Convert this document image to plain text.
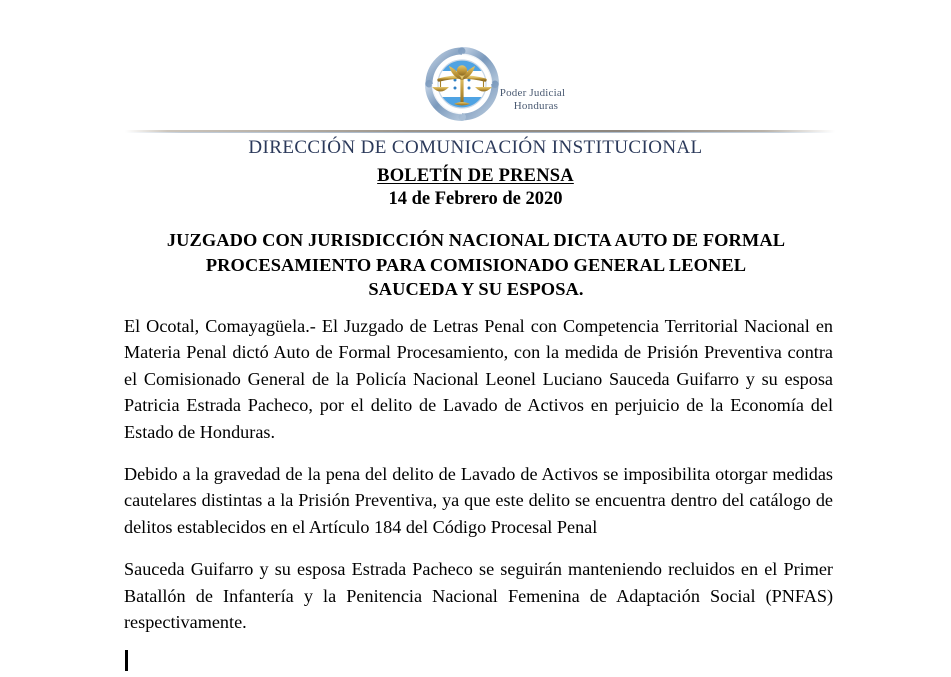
Poder Judicial
Honduras
DIRECCIÓN DE COMUNICACIÓN INSTITUCIONAL
BOLETÍN DE PRENSA
14 de Febrero de 2020
JUZGADO CON JURISDICCIÓN NACIONAL DICTA AUTO DE FORMAL
PROCESAMIENTO PARA COMISIONADO GENERAL LEONEL
SAUCEDA Y SU ESPOSA.

El Ocotal, Comayagüela.- El Juzgado de Letras Penal con Competencia Territorial Nacional en Materia Penal dictó Auto de Formal Procesamiento, con la medida de Prisión Preventiva contra el Comisionado General de la Policía Nacional Leonel Luciano Sauceda Guifarro y su esposa Patricia Estrada Pacheco, por el delito de Lavado de Activos en perjuicio de la Economía del Estado de Honduras.

Debido a la gravedad de la pena del delito de Lavado de Activos se imposibilita otorgar medidas cautelares distintas a la Prisión Preventiva, ya que este delito se encuentra dentro del catálogo de delitos establecidos en el Artículo 184 del Código Procesal Penal

Sauceda Guifarro y su esposa Estrada Pacheco se seguirán manteniendo recluidos en el Primer Batallón de Infantería y la Penitencia Nacional Femenina de Adaptación Social (PNFAS) respectivamente.
